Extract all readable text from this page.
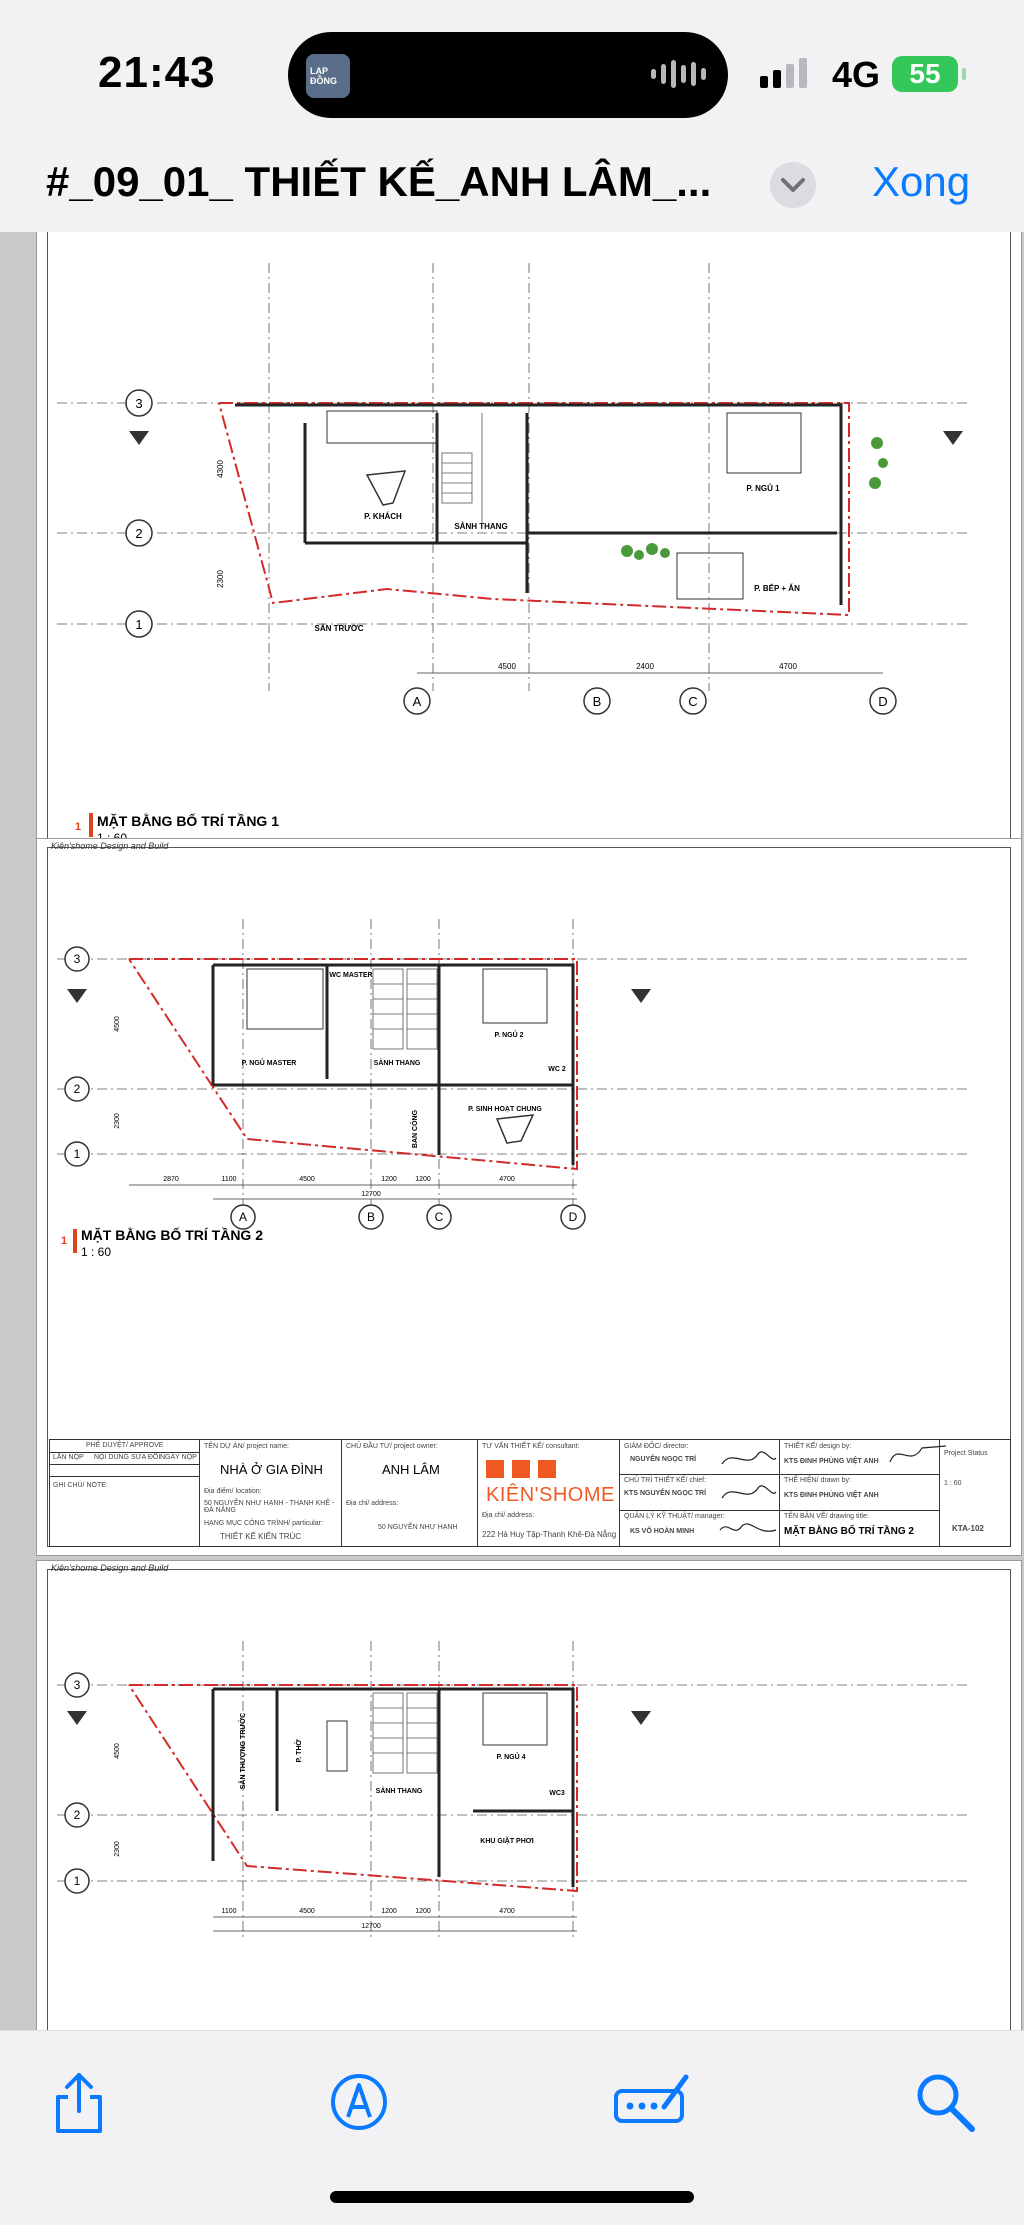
21:43	LẠP ĐÔNG	4G	55
#_09_01_ THIẾT KẾ_ANH LÂM_...	Xong
3
2
1
A	B	C	D
4500	2400	4700
4300
2300
P. KHÁCH
SẢNH THANG
P. NGỦ 1
P. BẾP + ĂN
SÂN TRƯỚC
1 MẶT BẰNG BỐ TRÍ TẦNG 1
Kiên'shome Design and Build
3
2
1
A	B	C	D
2870	1100	4500	1200	1200	4700
12700
4500
2300
WC MASTER
P. NGỦ MASTER	SẢNH THANG
P. NGỦ 2
WC 2
P. SINH HOẠT CHUNG
BAN CÔNG
1 MẶT BẰNG BỐ TRÍ TẦNG 2
1 : 60
PHÊ DUYỆT/ APPROVE
LẦN NỘP NỘI DUNG SỬA ĐỔI NGÀY NỘP
GHI CHÚ/ NOTE:
TÊN DỰ ÁN/ project name:
NHÀ Ở GIA ĐÌNH
Địa điểm/ location:
50 NGUYỄN NHƯ HẠNH - THANH KHÊ - ĐÀ NẴNG
HẠNG MỤC CÔNG TRÌNH/ particular:
THIẾT KẾ KIẾN TRÚC
CHỦ ĐẦU TƯ/ project owner:
ANH LÂM
Địa chỉ/ address:
50 NGUYỄN NHƯ HẠNH
TƯ VẤN THIẾT KẾ/ consultant:
KIÊN'SHOME
Địa chỉ/ address:
222 Hà Huy Tập-Thanh Khê-Đà Nẵng
GIÁM ĐỐC/ director:
NGUYỄN NGỌC TRÍ
CHỦ TRÌ THIẾT KẾ/ chief:
KTS NGUYỄN NGỌC TRÍ
QUẢN LÝ KỸ THUẬT/ manager:
KS VÕ HOÀN MINH
THIẾT KẾ/ design by:
KTS ĐINH PHÙNG VIỆT ANH
THỂ HIỆN/ drawn by:
KTS ĐINH PHÙNG VIỆT ANH
TÊN BẢN VẼ/ drawing title:
MẶT BẰNG BỐ TRÍ TẦNG 2
Project Status
1 : 60
KTA-102
Kiên'shome Design and Build
3
2
1
1100	4500	1200	1200	4700
12700
4500
2300
SÂN THƯỢNG TRƯỚC	P. THỜ
SẢNH THANG
P. NGỦ 4
WC3
KHU GIẶT PHƠI
